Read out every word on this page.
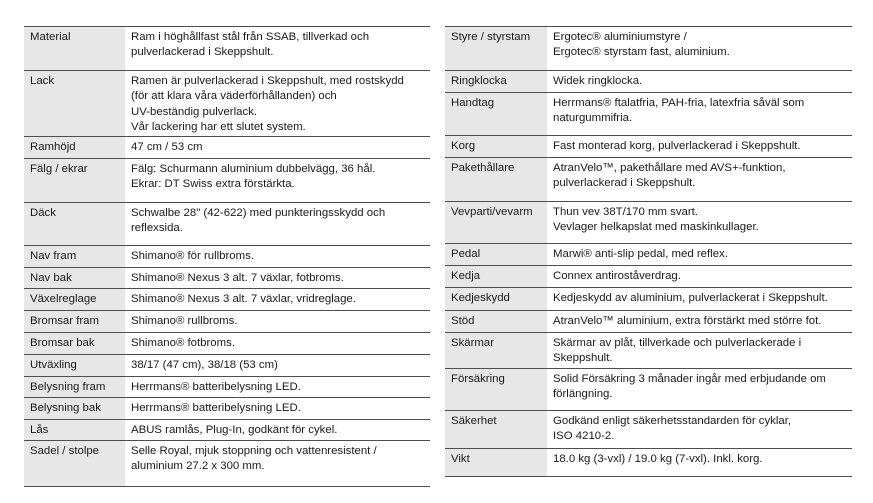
Material	Ram i höghållfast stål från SSAB, tillverkad och
pulverlackerad i Skeppshult.
Lack	Ramen är pulverlackerad i Skeppshult, med rostskydd
(för att klara våra väderförhållanden) och
UV-beständig pulverlack.
Vår lackering har ett slutet system.
Ramhöjd	47 cm / 53 cm
Fälg / ekrar	Fälg: Schurmann aluminium dubbelvägg, 36 hål.
Ekrar: DT Swiss extra förstärkta.
Däck	Schwalbe 28" (42-622) med punkteringsskydd och
reflexsida.
Nav fram	Shimano® för rullbroms.
Nav bak	Shimano® Nexus 3 alt. 7 växlar, fotbroms.
Växelreglage	Shimano® Nexus 3 alt. 7 växlar, vridreglage.
Bromsar fram	Shimano® rullbroms.
Bromsar bak	Shimano® fotbroms.
Utväxling	38/17 (47 cm), 38/18 (53 cm)
Belysning fram	Herrmans® batteribelysning LED.
Belysning bak	Herrmans® batteribelysning LED.
Lås	ABUS ramlås, Plug-In, godkänt för cykel.
Sadel / stolpe	Selle Royal, mjuk stoppning och vattenresistent /
aluminium 27.2 x 300 mm.
Styre / styrstam	Ergotec® aluminiumstyre /
Ergotec® styrstam fast, aluminium.
Ringklocka	Widek ringklocka.
Handtag	Herrmans® ftalatfria, PAH-fria, latexfria såväl som
naturgummifria.
Korg	Fast monterad korg, pulverlackerad i Skeppshult.
Pakethållare	AtranVelo™, pakethållare med AVS+-funktion,
pulverlackerad i Skeppshult.
Vevparti/vevarm	Thun vev 38T/170 mm svart.
Vevlager helkapslat med maskinkullager.
Pedal	Marwi® anti-slip pedal, med reflex.
Kedja	Connex antiroståverdrag.
Kedjeskydd	Kedjeskydd av aluminium, pulverlackerat i Skeppshult.
Stöd	AtranVelo™ aluminium, extra förstärkt med större fot.
Skärmar	Skärmar av plåt, tillverkade och pulverlackerade i
Skeppshult.
Försäkring	Solid Försäkring 3 månader ingår med erbjudande om
förlängning.
Säkerhet	Godkänd enligt säkerhetsstandarden för cyklar,
ISO 4210-2.
Vikt	18.0 kg (3-vxl) / 19.0 kg (7-vxl). Inkl. korg.
